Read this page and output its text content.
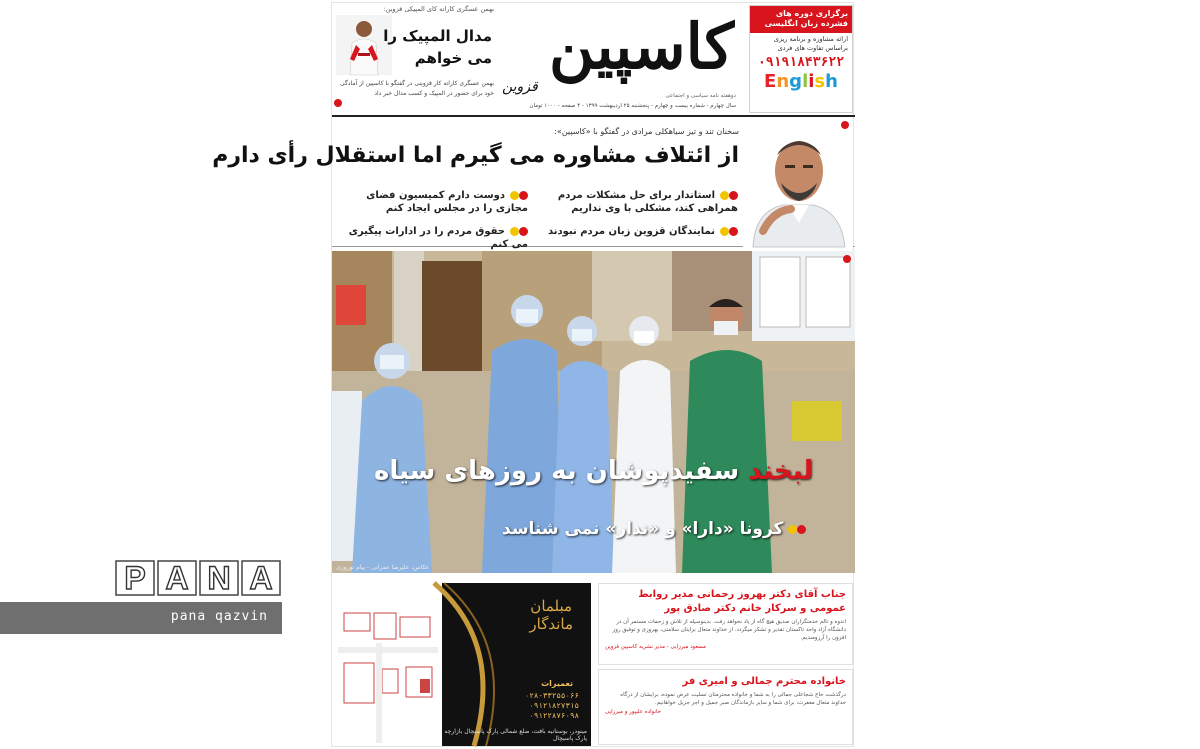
P A N A
pana qazvin
برگزاری دوره های فشرده زبان انگلیسی
ارائه مشاوره و برنامه ریزی
براساس تفاوت های فردی
۰۹۱۹۱۸۴۳۶۲۲
English
کاسپین
قزوین
دوهفته نامه سیاسی و اجتماعی
سال چهارم - شماره بیست و چهارم - پنجشنبه ۲۵ اردیبهشت ۱۳۹۹ - ۴ صفحه - ۱۰۰۰ تومان
بهمن عسگری کاراته کای المپیکی قزوین:
مدال المپیک را
می خواهم
بهمن عسگری کاراته کار قزوینی در گفتگو با کاسپین از آمادگی خود برای حضور در المپیک و کسب مدال خبر داد
سخنان تند و تیز سیاهکلی مرادی در گفتگو با «کاسپین»:
از ائتلاف مشاوره می گیرم اما استقلال رأی دارم
استاندار برای حل مشکلات مردم همراهی کند، مشکلی با وی نداریم
دوست دارم کمیسیون فضای مجازی را در مجلس ایجاد کنم
نمایندگان قزوین زبان مردم نبودند
حقوق مردم را در ادارات پیگیری می کنم
لبخند سفیدپوشان به روزهای سیاه
کرونا «دارا» و «ندار» نمی شناسد
عکاس: علیرضا عمرانی - پیام نوروزی
مبلمان
ماندگار
تعمیرات
۰۲۸-۳۳۲۵۵۰۶۶
۰۹۱۲۱۸۲۷۳۱۵
۰۹۱۲۲۸۷۶۰۹۸
مینودر، بوستانیه بافت، ضلع شمالی پارک پاسیچال بازارچه پارک پاسیچال
جناب آقای دکتر بهروز رحمانی مدیر روابط عمومی و سرکار خانم دکتر صادق پور
اندوه و تالم خدمتگزاران صدیق هیچ گاه از یاد نخواهد رفت. بدینوسیله از تلاش و زحمات مستمر آن در دانشگاه آزاد واحد تاکستان تقدیر و تشکر میگردد. از خداوند متعال برایتان سلامتی، بهروزی و توفیق روز افزون را آرزومندیم.
مسعود میرزایی - مدیر نشریه کاسپین قزوین
خانواده محترم جمالی و امیری فر
درگذشت حاج شجاعلی جمالی را به شما و خانواده محترمتان تسلیت عرض نموده، برایشان از درگاه خداوند متعال مغفرت، برای شما و سایر بازماندگان صبر جمیل و اجر جزیل خواهانیم.
خانواده علیپور و میرزایی
